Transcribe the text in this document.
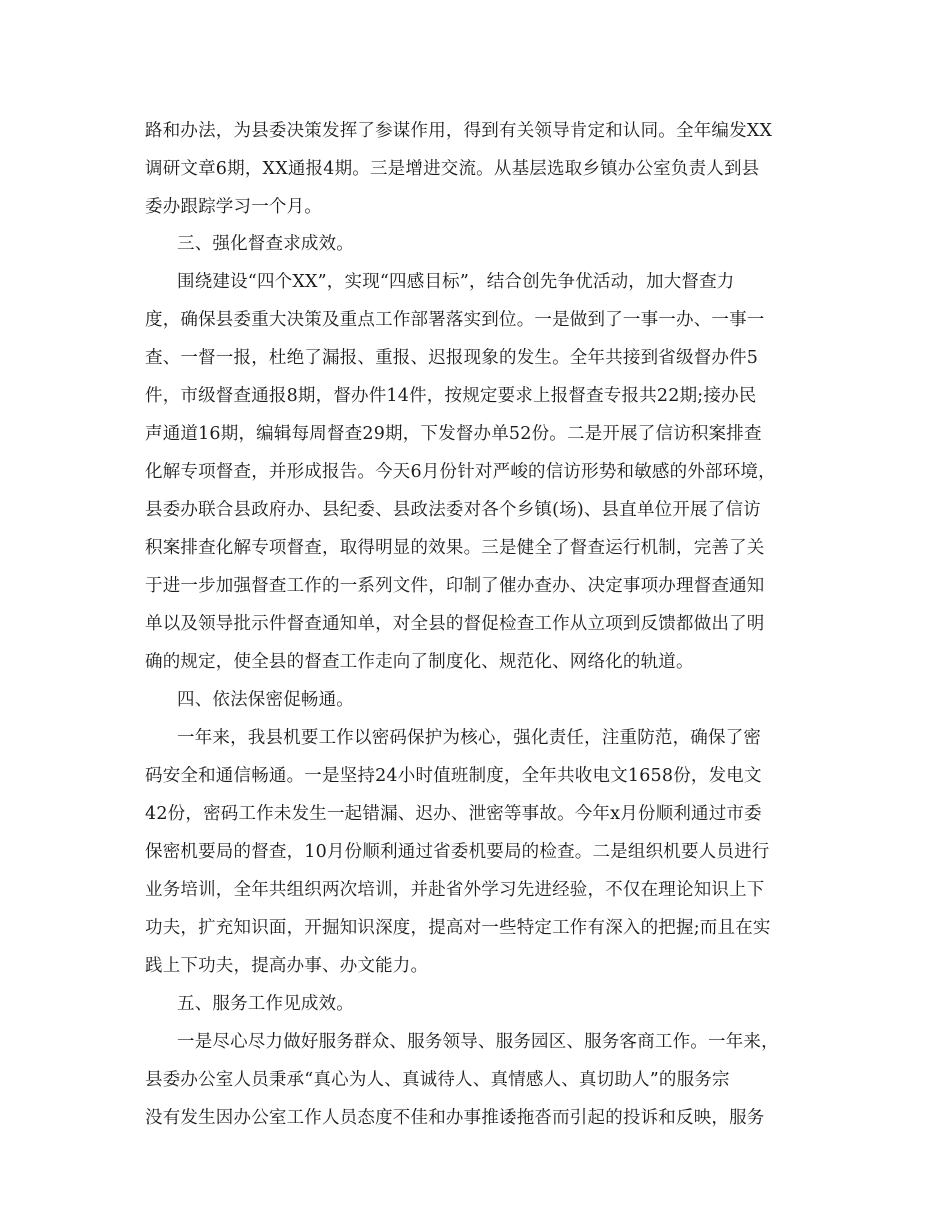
路和办法，为县委决策发挥了参谋作用，得到有关领导肯定和认同。全年编发XX
调研文章6期，XX通报4期。三是增进交流。从基层选取乡镇办公室负责人到县
委办跟踪学习一个月。
三、强化督查求成效。
围绕建设“四个XX”，实现“四感目标”，结合创先争优活动，加大督查力
度，确保县委重大决策及重点工作部署落实到位。一是做到了一事一办、一事一
查、一督一报，杜绝了漏报、重报、迟报现象的发生。全年共接到省级督办件5
件，市级督查通报8期，督办件14件，按规定要求上报督查专报共22期;接办民
声通道16期，编辑每周督查29期，下发督办单52份。二是开展了信访积案排查
化解专项督查，并形成报告。今天6月份针对严峻的信访形势和敏感的外部环境，
县委办联合县政府办、县纪委、县政法委对各个乡镇(场)、县直单位开展了信访
积案排查化解专项督查，取得明显的效果。三是健全了督查运行机制，完善了关
于进一步加强督查工作的一系列文件，印制了催办查办、决定事项办理督查通知
单以及领导批示件督查通知单，对全县的督促检查工作从立项到反馈都做出了明
确的规定，使全县的督查工作走向了制度化、规范化、网络化的轨道。
四、依法保密促畅通。
一年来，我县机要工作以密码保护为核心，强化责任，注重防范，确保了密
码安全和通信畅通。一是坚持24小时值班制度，全年共收电文1658份，发电文
42份，密码工作未发生一起错漏、迟办、泄密等事故。今年x月份顺利通过市委
保密机要局的督查，10月份顺利通过省委机要局的检查。二是组织机要人员进行
业务培训，全年共组织两次培训，并赴省外学习先进经验，不仅在理论知识上下
功夫，扩充知识面，开掘知识深度，提高对一些特定工作有深入的把握;而且在实
践上下功夫，提高办事、办文能力。
五、服务工作见成效。
一是尽心尽力做好服务群众、服务领导、服务园区、服务客商工作。一年来，
县委办公室人员秉承“真心为人、真诚待人、真情感人、真切助人”的服务宗
没有发生因办公室工作人员态度不佳和办事推诿拖沓而引起的投诉和反映，服务
